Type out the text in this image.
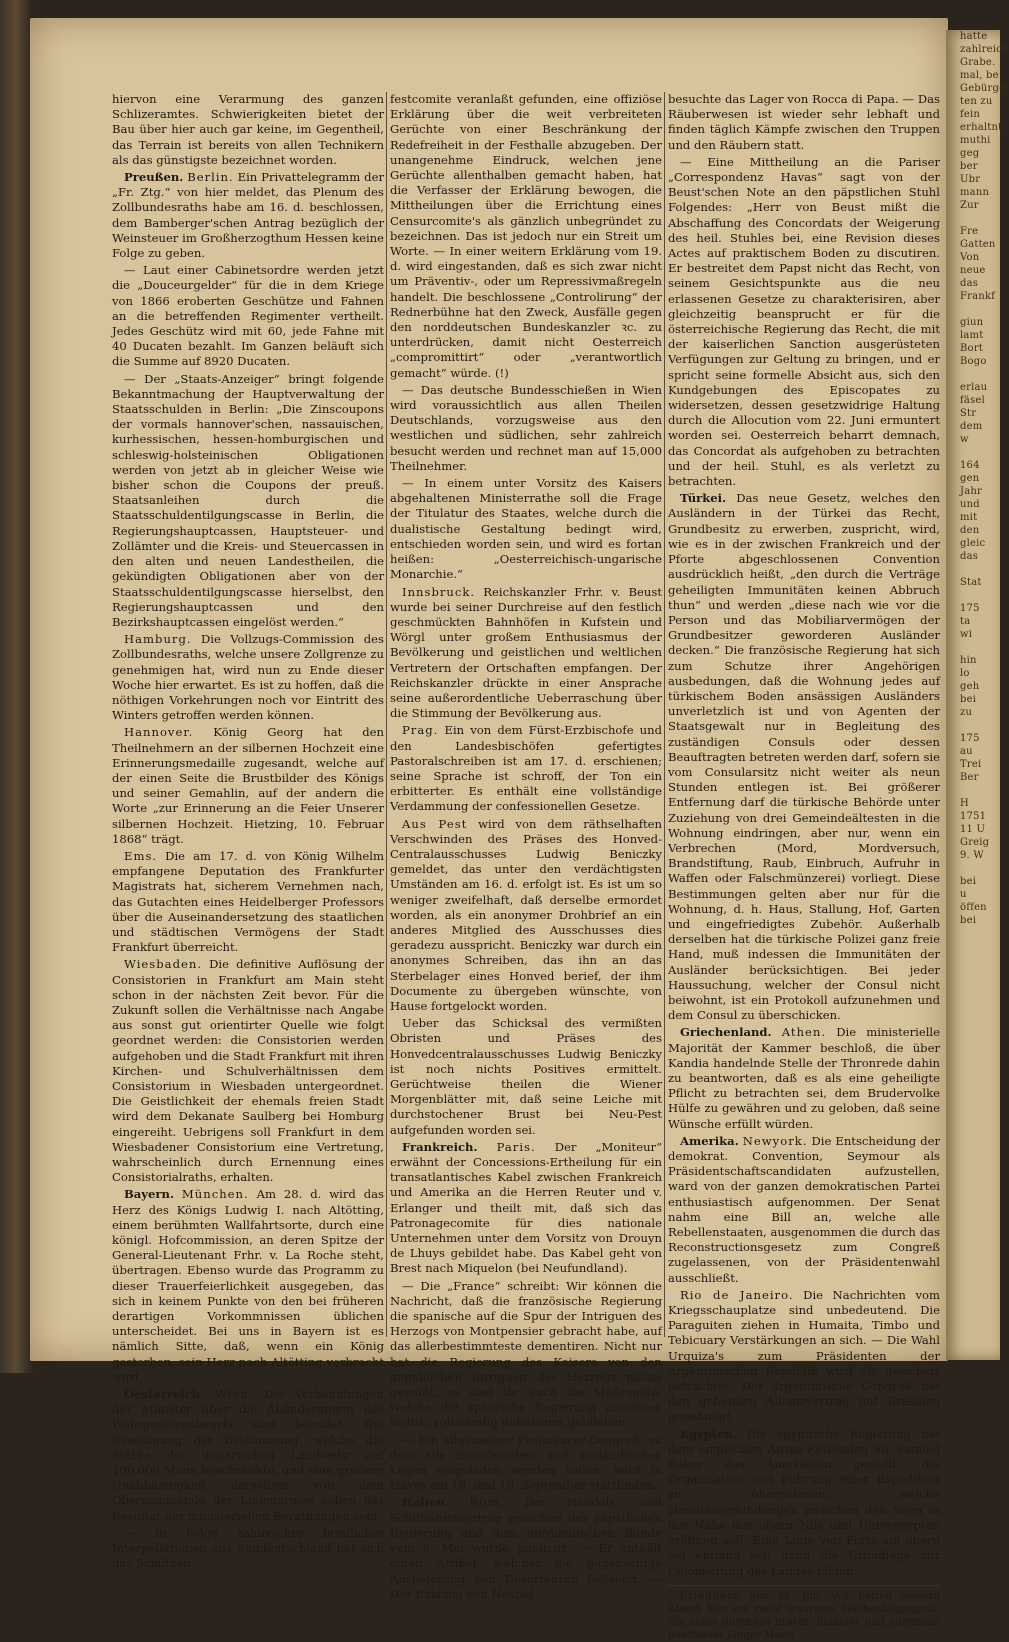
hatte
zahlreich
Grabe.
mal, be
Gebürge
ten zu
fein
erhaltnt
muthi
geg
ber
Ubr
mann
Zur

Fre
Gatten
Von
neue
das
Frankf

giun
lamt
Bort
Bogo

erlau
fäsel
Str
dem
w

164
gen
Jahr
und
mit
den
gleic
das

Stat

175
ta
wi

hin
lo
geh
bei
zu

175
au
Trei
Ber

H
1751
11 U
Greig
9. W

bei
u
öffen
bei

hiervon eine Verarmung des ganzen Schlizeramtes. Schwierigkeiten bietet der Bau über hier auch gar keine, im Gegentheil, das Terrain ist bereits von allen Technikern als das günstigste bezeichnet worden.

Preußen. Berlin. Ein Privattelegramm der „Fr. Ztg.“ von hier meldet, das Plenum des Zollbundesraths habe am 16. d. beschlossen, dem Bamberger'schen Antrag bezüglich der Weinsteuer im Großherzogthum Hessen keine Folge zu geben.

— Laut einer Cabinetsordre werden jetzt die „Douceurgelder“ für die in dem Kriege von 1866 eroberten Geschütze und Fahnen an die betreffenden Regimenter vertheilt. Jedes Geschütz wird mit 60, jede Fahne mit 40 Ducaten bezahlt. Im Ganzen beläuft sich die Summe auf 8920 Ducaten.

— Der „Staats-Anzeiger“ bringt folgende Bekanntmachung der Hauptverwaltung der Staatsschulden in Berlin: „Die Zinscoupons der vormals hannover'schen, nassauischen, kurhessischen, hessen-homburgischen und schleswig-holsteinischen Obligationen werden von jetzt ab in gleicher Weise wie bisher schon die Coupons der preuß. Staatsanleihen durch die Staatsschuldentilgungscasse in Berlin, die Regierungshauptcassen, Hauptsteuer- und Zollämter und die Kreis- und Steuercassen in den alten und neuen Landestheilen, die gekündigten Obligationen aber von der Staatsschuldentilgungscasse hierselbst, den Regierungshauptcassen und den Bezirkshauptcassen eingelöst werden.“

Hamburg. Die Vollzugs-Commission des Zollbundesraths, welche unsere Zollgrenze zu genehmigen hat, wird nun zu Ende dieser Woche hier erwartet. Es ist zu hoffen, daß die nöthigen Vorkehrungen noch vor Eintritt des Winters getroffen werden können.

Hannover. König Georg hat den Theilnehmern an der silbernen Hochzeit eine Erinnerungsmedaille zugesandt, welche auf der einen Seite die Brustbilder des Königs und seiner Gemahlin, auf der andern die Worte „zur Erinnerung an die Feier Unserer silbernen Hochzeit. Hietzing, 10. Februar 1868“ trägt.

Ems. Die am 17. d. von König Wilhelm empfangene Deputation des Frankfurter Magistrats hat, sicherem Vernehmen nach, das Gutachten eines Heidelberger Professors über die Auseinandersetzung des staatlichen und städtischen Vermögens der Stadt Frankfurt überreicht.

Wiesbaden. Die definitive Auflösung der Consistorien in Frankfurt am Main steht schon in der nächsten Zeit bevor. Für die Zukunft sollen die Verhältnisse nach Angabe aus sonst gut orientirter Quelle wie folgt geordnet werden: die Consistorien werden aufgehoben und die Stadt Frankfurt mit ihren Kirchen- und Schulverhältnissen dem Consistorium in Wiesbaden untergeordnet. Die Geistlichkeit der ehemals freien Stadt wird dem Dekanate Saulberg bei Homburg eingereiht. Uebrigens soll Frankfurt in dem Wiesbadener Consistorium eine Vertretung, wahrscheinlich durch Ernennung eines Consistorialraths, erhalten.

Bayern. München. Am 28. d. wird das Herz des Königs Ludwig I. nach Altötting, einem berühmten Wallfahrtsorte, durch eine königl. Hofcommission, an deren Spitze der General-Lieutenant Frhr. v. La Roche steht, übertragen. Ebenso wurde das Programm zu dieser Trauerfeierlichkeit ausgegeben, das sich in keinem Punkte von den bei früheren derartigen Vorkommnissen üblichen unterscheidet. Bei uns in Bayern ist es nämlich Sitte, daß, wenn ein König gestorben, sein Herz nach Altötting verbracht wird.

Oesterreich. Wien. Die Verhandlungen der Minister über die Abänderungen des Wehrgesetzentwurfs sind beendet. Die Beseitigung der Bestimmung, welche die Stärke der ungarischen Landwehr auf 100,000 Mann beschränkte, und eine größere Unabhängigkeit derselben von dem Obercommando der Linienarmee sollen das Resultat der ministeriellen Berathungen sein.

— In Folge zahlreicher brieflicher Interpellationen aus Süddeutschland hat sich das Schützen-

festcomite veranlaßt gefunden, eine offiziöse Erklärung über die weit verbreiteten Gerüchte von einer Beschränkung der Redefreiheit in der Festhalle abzugeben. Der unangenehme Eindruck, welchen jene Gerüchte allenthalben gemacht haben, hat die Verfasser der Erklärung bewogen, die Mittheilungen über die Errichtung eines Censurcomite's als gänzlich unbegründet zu bezeichnen. Das ist jedoch nur ein Streit um Worte. — In einer weitern Erklärung vom 19. d. wird eingestanden, daß es sich zwar nicht um Präventiv-, oder um Repressivmaßregeln handelt. Die beschlossene „Controlirung“ der Rednerbühne hat den Zweck, Ausfälle gegen den norddeutschen Bundeskanzler ꝛc. zu unterdrücken, damit nicht Oesterreich „compromittirt“ oder „verantwortlich gemacht“ würde. (!)

— Das deutsche Bundesschießen in Wien wird voraussichtlich aus allen Theilen Deutschlands, vorzugsweise aus den westlichen und südlichen, sehr zahlreich besucht werden und rechnet man auf 15,000 Theilnehmer.

— In einem unter Vorsitz des Kaisers abgehaltenen Ministerrathe soll die Frage der Titulatur des Staates, welche durch die dualistische Gestaltung bedingt wird, entschieden worden sein, und wird es fortan heißen: „Oesterreichisch-ungarische Monarchie.“

Innsbruck. Reichskanzler Frhr. v. Beust wurde bei seiner Durchreise auf den festlich geschmückten Bahnhöfen in Kufstein und Wörgl unter großem Enthusiasmus der Bevölkerung und geistlichen und weltlichen Vertretern der Ortschaften empfangen. Der Reichskanzler drückte in einer Ansprache seine außerordentliche Ueberraschung über die Stimmung der Bevölkerung aus.

Prag. Ein von dem Fürst-Erzbischofe und den Landesbischöfen gefertigtes Pastoralschreiben ist am 17. d. erschienen; seine Sprache ist schroff, der Ton ein erbitterter. Es enthält eine vollständige Verdammung der confessionellen Gesetze.

Aus Pest wird von dem räthselhaften Verschwinden des Präses des Honved-Centralausschusses Ludwig Beniczky gemeldet, das unter den verdächtigsten Umständen am 16. d. erfolgt ist. Es ist um so weniger zweifelhaft, daß derselbe ermordet worden, als ein anonymer Drohbrief an ein anderes Mitglied des Ausschusses dies geradezu ausspricht. Beniczky war durch ein anonymes Schreiben, das ihn an das Sterbelager eines Honved berief, der ihm Documente zu übergeben wünschte, von Hause fortgelockt worden.

Ueber das Schicksal des vermißten Obristen und Präses des Honvedcentralausschusses Ludwig Beniczky ist noch nichts Positives ermittelt. Gerüchtweise theilen die Wiener Morgenblätter mit, daß seine Leiche mit durchstochener Brust bei Neu-Pest aufgefunden worden sei.

Frankreich. Paris. Der „Moniteur“ erwähnt der Concessions-Ertheilung für ein transatlantisches Kabel zwischen Frankreich und Amerika an die Herren Reuter und v. Erlanger und theilt mit, daß sich das Patronagecomite für dies nationale Unternehmen unter dem Vorsitz von Drouyn de Lhuys gebildet habe. Das Kabel geht von Brest nach Miquelon (bei Neufundland).

— Die „France“ schreibt: Wir können die Nachricht, daß die französische Regierung die spanische auf die Spur der Intriguen des Herzogs von Montpensier gebracht habe, auf das allerbestimmteste dementiren. Nicht nur hat die Regierung des Kaisers von den angeblichen Intriguen des Herzogs nichts gewußt, es sind ihr auch die Maßregeln, welche die spanische Regierung anordnen wollte, vollständig unbekannt geblieben.

— Ein allgemeiner Freimaurer-Congreß, zu dem alle französischen und ausländischen Logen eingeladen werden sollen, wird in Havre am 18. und 19. September stattfinden.

Italien. Rom. Der Handels- und Schifffahrtsvertrag zwischen der päpstlichen Regierung und dem norddeutschen Bunde vom 8. Mai wurde publicirt. — Er enthält einen Artikel, welcher die gegenseitige Auslieferung von Deserteuren festsetzt. — Der Exkönig von Neapel

besuchte das Lager von Rocca di Papa. — Das Räuberwesen ist wieder sehr lebhaft und finden täglich Kämpfe zwischen den Truppen und den Räubern statt.

— Eine Mittheilung an die Pariser „Correspondenz Havas“ sagt von der Beust'schen Note an den päpstlichen Stuhl Folgendes: „Herr von Beust mißt die Abschaffung des Concordats der Weigerung des heil. Stuhles bei, eine Revision dieses Actes auf praktischem Boden zu discutiren. Er bestreitet dem Papst nicht das Recht, von seinem Gesichtspunkte aus die neu erlassenen Gesetze zu charakterisiren, aber gleichzeitig beansprucht er für die österreichische Regierung das Recht, die mit der kaiserlichen Sanction ausgerüsteten Verfügungen zur Geltung zu bringen, und er spricht seine formelle Absicht aus, sich den Kundgebungen des Episcopates zu widersetzen, dessen gesetzwidrige Haltung durch die Allocution vom 22. Juni ermuntert worden sei. Oesterreich beharrt demnach, das Concordat als aufgehoben zu betrachten und der heil. Stuhl, es als verletzt zu betrachten.

Türkei. Das neue Gesetz, welches den Ausländern in der Türkei das Recht, Grundbesitz zu erwerben, zuspricht, wird, wie es in der zwischen Frankreich und der Pforte abgeschlossenen Convention ausdrücklich heißt, „den durch die Verträge geheiligten Immunitäten keinen Abbruch thun“ und werden „diese nach wie vor die Person und das Mobiliarvermögen der Grundbesitzer geworderen Ausländer decken.“ Die französische Regierung hat sich zum Schutze ihrer Angehörigen ausbedungen, daß die Wohnung jedes auf türkischem Boden ansässigen Ausländers unverletzlich ist und von Agenten der Staatsgewalt nur in Begleitung des zuständigen Consuls oder dessen Beauftragten betreten werden darf, sofern sie vom Consularsitz nicht weiter als neun Stunden entlegen ist. Bei größerer Entfernung darf die türkische Behörde unter Zuziehung von drei Gemeindeältesten in die Wohnung eindringen, aber nur, wenn ein Verbrechen (Mord, Mordversuch, Brandstiftung, Raub, Einbruch, Aufruhr in Waffen oder Falschmünzerei) vorliegt. Diese Bestimmungen gelten aber nur für die Wohnung, d. h. Haus, Stallung, Hof, Garten und eingefriedigtes Zubehör. Außerhalb derselben hat die türkische Polizei ganz freie Hand, muß indessen die Immunitäten der Ausländer berücksichtigen. Bei jeder Haussuchung, welcher der Consul nicht beiwohnt, ist ein Protokoll aufzunehmen und dem Consul zu überschicken.

Griechenland. Athen. Die ministerielle Majorität der Kammer beschloß, die über Kandia handelnde Stelle der Thronrede dahin zu beantworten, daß es als eine geheiligte Pflicht zu betrachten sei, dem Brudervolke Hülfe zu gewähren und zu geloben, daß seine Wünsche erfüllt würden.

Amerika. Newyork. Die Entscheidung der demokrat. Convention, Seymour als Präsidentschaftscandidaten aufzustellen, ward von der ganzen demokratischen Partei enthusiastisch aufgenommen. Der Senat nahm eine Bill an, welche alle Rebellenstaaten, ausgenommen die durch das Reconstructionsgesetz zum Congreß zugelassenen, von der Präsidentenwahl ausschließt.

Rio de Janeiro. Die Nachrichten vom Kriegsschauplatze sind unbedeutend. Die Paraguiten ziehen in Humaita, Timbo und Tebicuary Verstärkungen an sich. — Die Wahl Urquiza's zum Präsidenten der Argentinischen Republik wird als gesichert betrachtet. Der argentinische Congreß hat den geheimen Allianzvertrag mit Brasilien genehmigt.

Egypten. Die egyptische Regierung hat dem englischen Afrika-Reisenden Sir Samuel Baker das Anerbieten gestellt, die Organisation und Führung einer Expedition zu übernehmen, welche Handelsverbindungen zwischen den Seen in der Nähe des obern Nils und Unteregypten eröffnen soll. Eine Linie von Forts am obern Nil entlang soll dann die Grundlage zur Colonisirung des Landes bilden.

Friedberg den 22. Juli. Wir hatten gestern Abend hier ein recht trauriges Leichenbegängniß. Ein sonst durchaus braver, fleißiger und allgemein geachteter junger Mann
